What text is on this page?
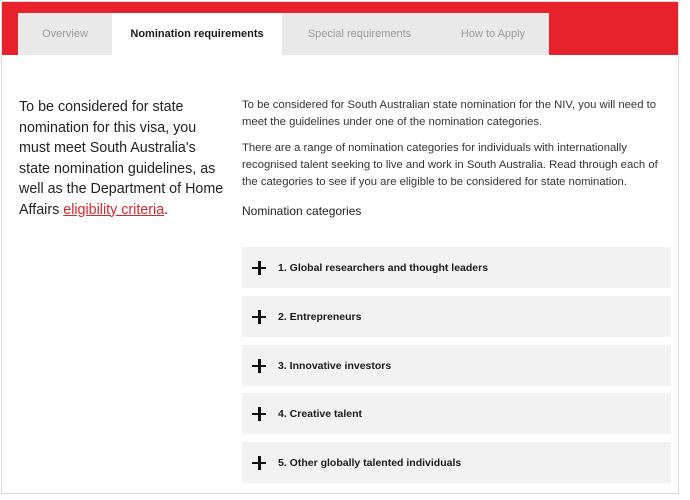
Overview	Nomination requirements	Special requirements	How to Apply
To be considered for state nomination for this visa, you must meet South Australia's state nomination guidelines, as well as the Department of Home Affairs eligibility criteria.

To be considered for South Australian state nomination for the NIV, you will need to meet the guidelines under one of the nomination categories.

There are a range of nomination categories for individuals with internationally recognised talent seeking to live and work in South Australia. Read through each of the categories to see if you are eligible to be considered for state nomination.

Nomination categories
1. Global researchers and thought leaders
2. Entrepreneurs
3. Innovative investors
4. Creative talent
5. Other globally talented individuals
